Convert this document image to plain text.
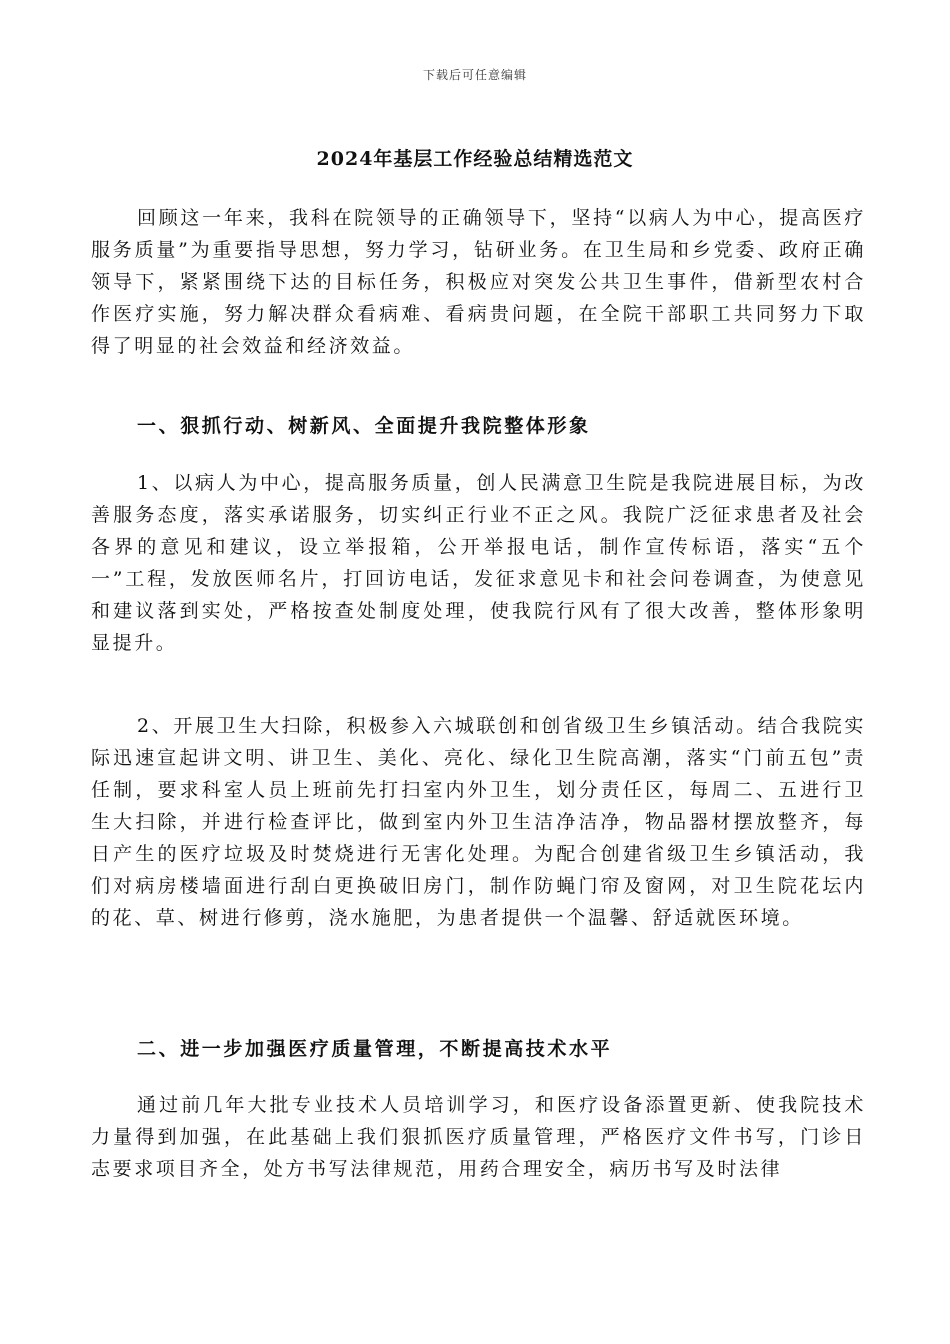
下载后可任意编辑
2024年基层工作经验总结精选范文
回顾这一年来，我科在院领导的正确领导下，坚持“以病人为中心，提高医疗服务质量”为重要指导思想，努力学习，钻研业务。在卫生局和乡党委、政府正确领导下，紧紧围绕下达的目标任务，积极应对突发公共卫生事件，借新型农村合作医疗实施，努力解决群众看病难、看病贵问题，在全院干部职工共同努力下取得了明显的社会效益和经济效益。
一、狠抓行动、树新风、全面提升我院整体形象
1、以病人为中心，提高服务质量，创人民满意卫生院是我院进展目标，为改善服务态度，落实承诺服务，切实纠正行业不正之风。我院广泛征求患者及社会各界的意见和建议，设立举报箱，公开举报电话，制作宣传标语，落实“五个一”工程，发放医师名片，打回访电话，发征求意见卡和社会问卷调查，为使意见和建议落到实处，严格按查处制度处理，使我院行风有了很大改善，整体形象明显提升。
2、开展卫生大扫除，积极参入六城联创和创省级卫生乡镇活动。结合我院实际迅速宣起讲文明、讲卫生、美化、亮化、绿化卫生院高潮，落实“门前五包”责任制，要求科室人员上班前先打扫室内外卫生，划分责任区，每周二、五进行卫生大扫除，并进行检查评比，做到室内外卫生洁净洁净，物品器材摆放整齐，每日产生的医疗垃圾及时焚烧进行无害化处理。为配合创建省级卫生乡镇活动，我们对病房楼墙面进行刮白更换破旧房门，制作防蝇门帘及窗网，对卫生院花坛内的花、草、树进行修剪，浇水施肥，为患者提供一个温馨、舒适就医环境。
二、进一步加强医疗质量管理，不断提高技术水平
通过前几年大批专业技术人员培训学习，和医疗设备添置更新、使我院技术力量得到加强，在此基础上我们狠抓医疗质量管理，严格医疗文件书写，门诊日志要求项目齐全，处方书写法律规范，用药合理安全，病历书写及时法律
